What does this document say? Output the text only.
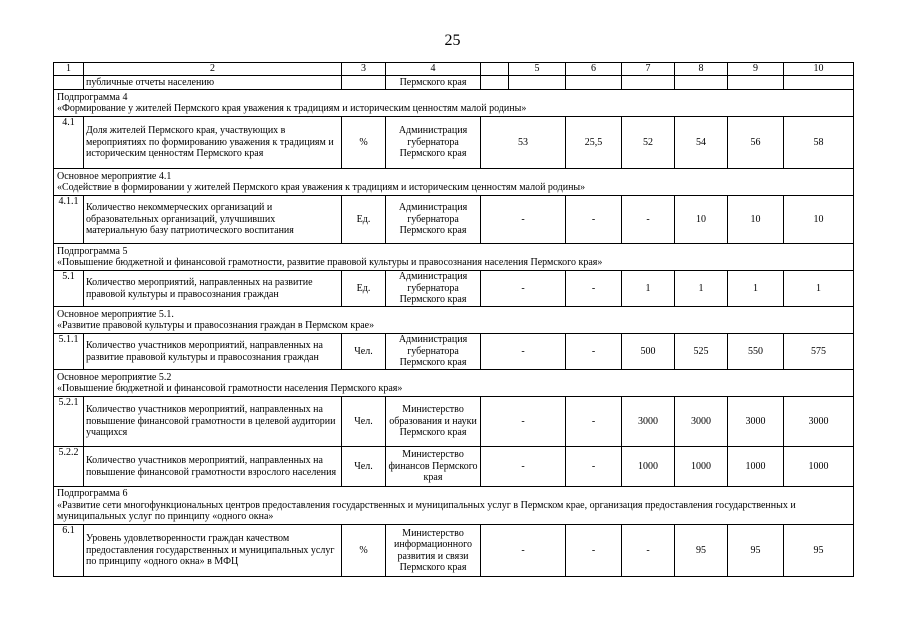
25
1	2	3	4		5	6	7	8	9	10	
	публичные отчеты населению		Пермского края								

Подпрограмма 4
«Формирование у жителей Пермского края уважения к традициям и историческим ценностям малой родины»											

4.1	Доля жителей Пермского края, участвующих в мероприятиях по формированию уважения к традициям и историческим ценностям Пермского края	%	Администрация губернатора Пермского края	53		25,5	52	54	56	58	

Основное мероприятие 4.1
«Содействие в формировании у жителей Пермского края уважения к традициям и историческим ценностям малой родины»											

4.1.1	Количество некоммерческих организаций и образовательных организаций, улучшивших материальную базу патриотического воспитания	Ед.	Администрация губернатора Пермского края	-		-	-	10	10	10	

Подпрограмма 5
«Повышение бюджетной и финансовой грамотности, развитие правовой культуры и правосознания населения Пермского края»											

5.1	Количество мероприятий, направленных на развитие правовой культуры и правосознания граждан	Ед.	Администрация губернатора Пермского края	-		-	1	1	1	1	

Основное мероприятие 5.1.
«Развитие правовой культуры и правосознания граждан в Пермском крае»											

5.1.1	Количество участников мероприятий, направленных на развитие правовой культуры и правосознания граждан	Чел.	Администрация губернатора Пермского края	-		-	500	525	550	575	

Основное мероприятие 5.2
«Повышение бюджетной и финансовой грамотности населения Пермского края»											

5.2.1	Количество участников мероприятий, направленных на повышение финансовой грамотности в целевой аудитории учащихся	Чел.	Министерство образования и науки Пермского края	-		-	3000	3000	3000	3000	
5.2.2	Количество участников мероприятий, направленных на повышение финансовой грамотности взрослого населения	Чел.	Министерство финансов Пермского края	-		-	1000	1000	1000	1000	

Подпрограмма 6
«Развитие сети многофункциональных центров предоставления государственных и муниципальных услуг в Пермском крае, организация предоставления государственных и муниципальных услуг по принципу «одного окна»											

6.1	Уровень удовлетворенности граждан качеством предоставления государственных и муниципальных услуг по принципу «одного окна» в МФЦ	%	Министерство информационного развития и связи Пермского края	-		-	-	95	95	95	
